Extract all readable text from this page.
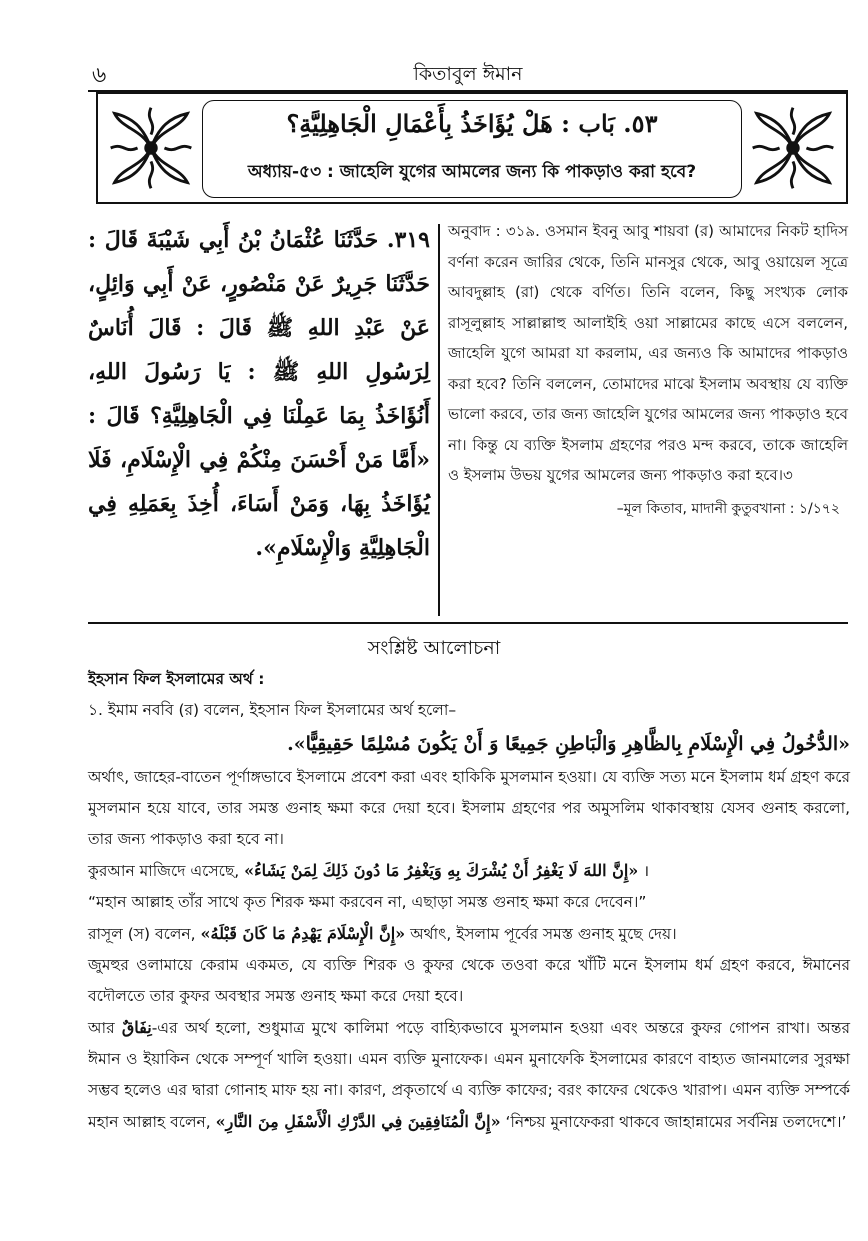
৬	কিতাবুল ঈমান
٥٣. بَاب : هَلْ يُؤَاخَذُ بِأَعْمَالِ الْجَاهِلِيَّةِ؟
অধ্যায়-৫৩ : জাহেলি যুগের আমলের জন্য কি পাকড়াও করা হবে?
٣١٩. حَدَّثَنَا عُثْمَانُ بْنُ أَبِي شَيْبَةَ قَالَ : حَدَّثَنَا جَرِيرٌ عَنْ مَنْصُورٍ، عَنْ أَبِي وَائِلٍ، عَنْ عَبْدِ اللهِ ﷺ قَالَ : قَالَ أُنَاسٌ لِرَسُولِ اللهِ ﷺ : يَا رَسُولَ اللهِ، أَنُؤَاخَذُ بِمَا عَمِلْنَا فِي الْجَاهِلِيَّةِ؟ قَالَ : «أَمَّا مَنْ أَحْسَنَ مِنْكُمْ فِي الْإِسْلَامِ، فَلَا يُؤَاخَذُ بِهَا، وَمَنْ أَسَاءَ، أُخِذَ بِعَمَلِهِ فِي الْجَاهِلِيَّةِ وَالْإِسْلَامِ».

অনুবাদ : ৩১৯. ওসমান ইবনু আবু শায়বা (র) আমাদের নিকট হাদিস বর্ণনা করেন জারির থেকে, তিনি মানসুর থেকে, আবু ওয়ায়েল সূত্রে আবদুল্লাহ (রা) থেকে বর্ণিত। তিনি বলেন, কিছু সংখ্যক লোক রাসূলুল্লাহ সাল্লাল্লাহু আলাইহি ওয়া সাল্লামের কাছে এসে বললেন, জাহেলি যুগে আমরা যা করলাম, এর জন্যও কি আমাদের পাকড়াও করা হবে? তিনি বললেন, তোমাদের মাঝে ইসলাম অবস্থায় যে ব্যক্তি ভালো করবে, তার জন্য জাহেলি যুগের আমলের জন্য পাকড়াও হবে না। কিন্তু যে ব্যক্তি ইসলাম গ্রহণের পরও মন্দ করবে, তাকে জাহেলি ও ইসলাম উভয় যুগের আমলের জন্য পাকড়াও করা হবে।৩

–মূল কিতাব, মাদানী কুতুবখানা : ১/১৭২
সংশ্লিষ্ট আলোচনা

ইহসান ফিল ইসলামের অর্থ :

১. ইমাম নববি (র) বলেন, ইহসান ফিল ইসলামের অর্থ হলো–

«الدُّخُولُ فِي الْإِسْلَامِ بِالظَّاهِرِ وَالْبَاطِنِ جَمِيعًا وَ أَنْ يَكُونَ مُسْلِمًا حَقِيقِيًّا».

অর্থাৎ, জাহের-বাতেন পূর্ণাঙ্গভাবে ইসলামে প্রবেশ করা এবং হাকিকি মুসলমান হওয়া। যে ব্যক্তি সত্য মনে ইসলাম ধর্ম গ্রহণ করে মুসলমান হয়ে যাবে, তার সমস্ত গুনাহ ক্ষমা করে দেয়া হবে। ইসলাম গ্রহণের পর অমুসলিম থাকাবস্থায় যেসব গুনাহ করলো, তার জন্য পাকড়াও করা হবে না।

কুরআন মাজিদে এসেছে, «إِنَّ اللهَ لَا يَغْفِرُ أَنْ يُشْرَكَ بِهِ وَيَغْفِرُ مَا دُونَ ذَلِكَ لِمَنْ يَشَاءُ» ।

“মহান আল্লাহ তাঁর সাথে কৃত শিরক ক্ষমা করবেন না, এছাড়া সমস্ত গুনাহ ক্ষমা করে দেবেন।”

রাসূল (স) বলেন, «إِنَّ الْإِسْلَامَ يَهْدِمُ مَا كَانَ قَبْلَهُ» অর্থাৎ, ইসলাম পূর্বের সমস্ত গুনাহ মুছে দেয়।

জুমহুর ওলামায়ে কেরাম একমত, যে ব্যক্তি শিরক ও কুফর থেকে তওবা করে খাঁটি মনে ইসলাম ধর্ম গ্রহণ করবে, ঈমানের বদৌলতে তার কুফর অবস্থার সমস্ত গুনাহ ক্ষমা করে দেয়া হবে।

আর نِفَاقٌ-এর অর্থ হলো, শুধুমাত্র মুখে কালিমা পড়ে বাহ্যিকভাবে মুসলমান হওয়া এবং অন্তরে কুফর গোপন রাখা। অন্তর ঈমান ও ইয়াকিন থেকে সম্পূর্ণ খালি হওয়া। এমন ব্যক্তি মুনাফেক। এমন মুনাফেকি ইসলামের কারণে বাহ্যত জানমালের সুরক্ষা সম্ভব হলেও এর দ্বারা গোনাহ মাফ হয় না। কারণ, প্রকৃতার্থে এ ব্যক্তি কাফের; বরং কাফের থেকেও খারাপ। এমন ব্যক্তি সম্পর্কে মহান আল্লাহ বলেন, «إِنَّ الْمُنَافِقِينَ فِي الدَّرْكِ الْأَسْفَلِ مِنَ النَّارِ» ‘নিশ্চয় মুনাফেকরা থাকবে জাহান্নামের সর্বনিম্ন তলদেশে।’
